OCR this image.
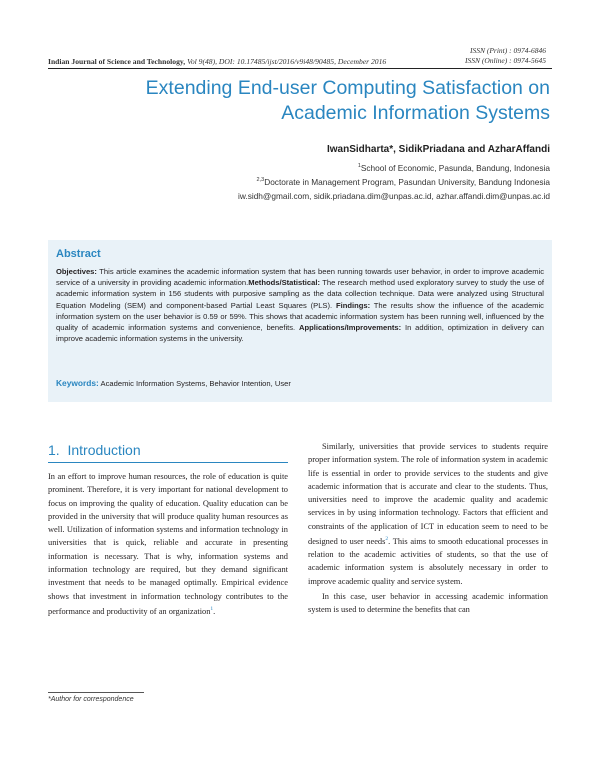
ISSN (Print) : 0974-6846
ISSN (Online) : 0974-5645
Indian Journal of Science and Technology, Vol 9(48), DOI: 10.17485/ijst/2016/v9i48/90485, December 2016
Extending End-user Computing Satisfaction on
Academic Information Systems
IwanSidharta*, SidikPriadana and AzharAffandi
$^1$School of Economic, Pasunda, Bandung, Indonesia
$^{2,3}$Doctorate in Management Program, Pasundan University, Bandung Indonesia
iw.sidh@gmail.com, sidik.priadana.dim@unpas.ac.id, azhar.affandi.dim@unpas.ac.id
Abstract
Objectives: This article examines the academic information system that has been running towards user behavior, in order to improve academic service of a university in providing academic information.Methods/Statistical: The research method used exploratory survey to study the use of academic information system in 156 students with purposive sampling as the data collection technique. Data were analyzed using Structural Equation Modeling (SEM) and component-based Partial Least Squares (PLS). Findings: The results show the influence of the academic information system on the user behavior is 0.59 or 59%. This shows that academic information system has been running well, influenced by the quality of academic information systems and convenience, benefits. Applications/Improvements: In addition, optimization in delivery can improve academic information systems in the university.
Keywords: Academic Information Systems, Behavior Intention, User
1. Introduction

In an effort to improve human resources, the role of education is quite prominent. Therefore, it is very important for national development to focus on improving the quality of education. Quality education can be provided in the university that will produce quality human resources as well. Utilization of information systems and information technology in universities that is quick, reliable and accurate in presenting information is necessary. That is why, information systems and information technology are required, but they demand significant investment that needs to be managed optimally. Empirical evidence shows that investment in information technology contributes to the performance and productivity of an organization$^1$.

Similarly, universities that provide services to students require proper information system. The role of information system in academic life is essential in order to provide services to the students and give academic information that is accurate and clear to the students. Thus, universities need to improve the academic quality and academic services in by using information technology. Factors that efficient and constraints of the application of ICT in education seem to need to be designed to user needs$^2$. This aims to smooth educational processes in relation to the academic activities of students, so that the use of academic information system is absolutely necessary in order to improve academic quality and service system.

In this case, user behavior in accessing academic information system is used to determine the benefits that can

*Author for correspondence
